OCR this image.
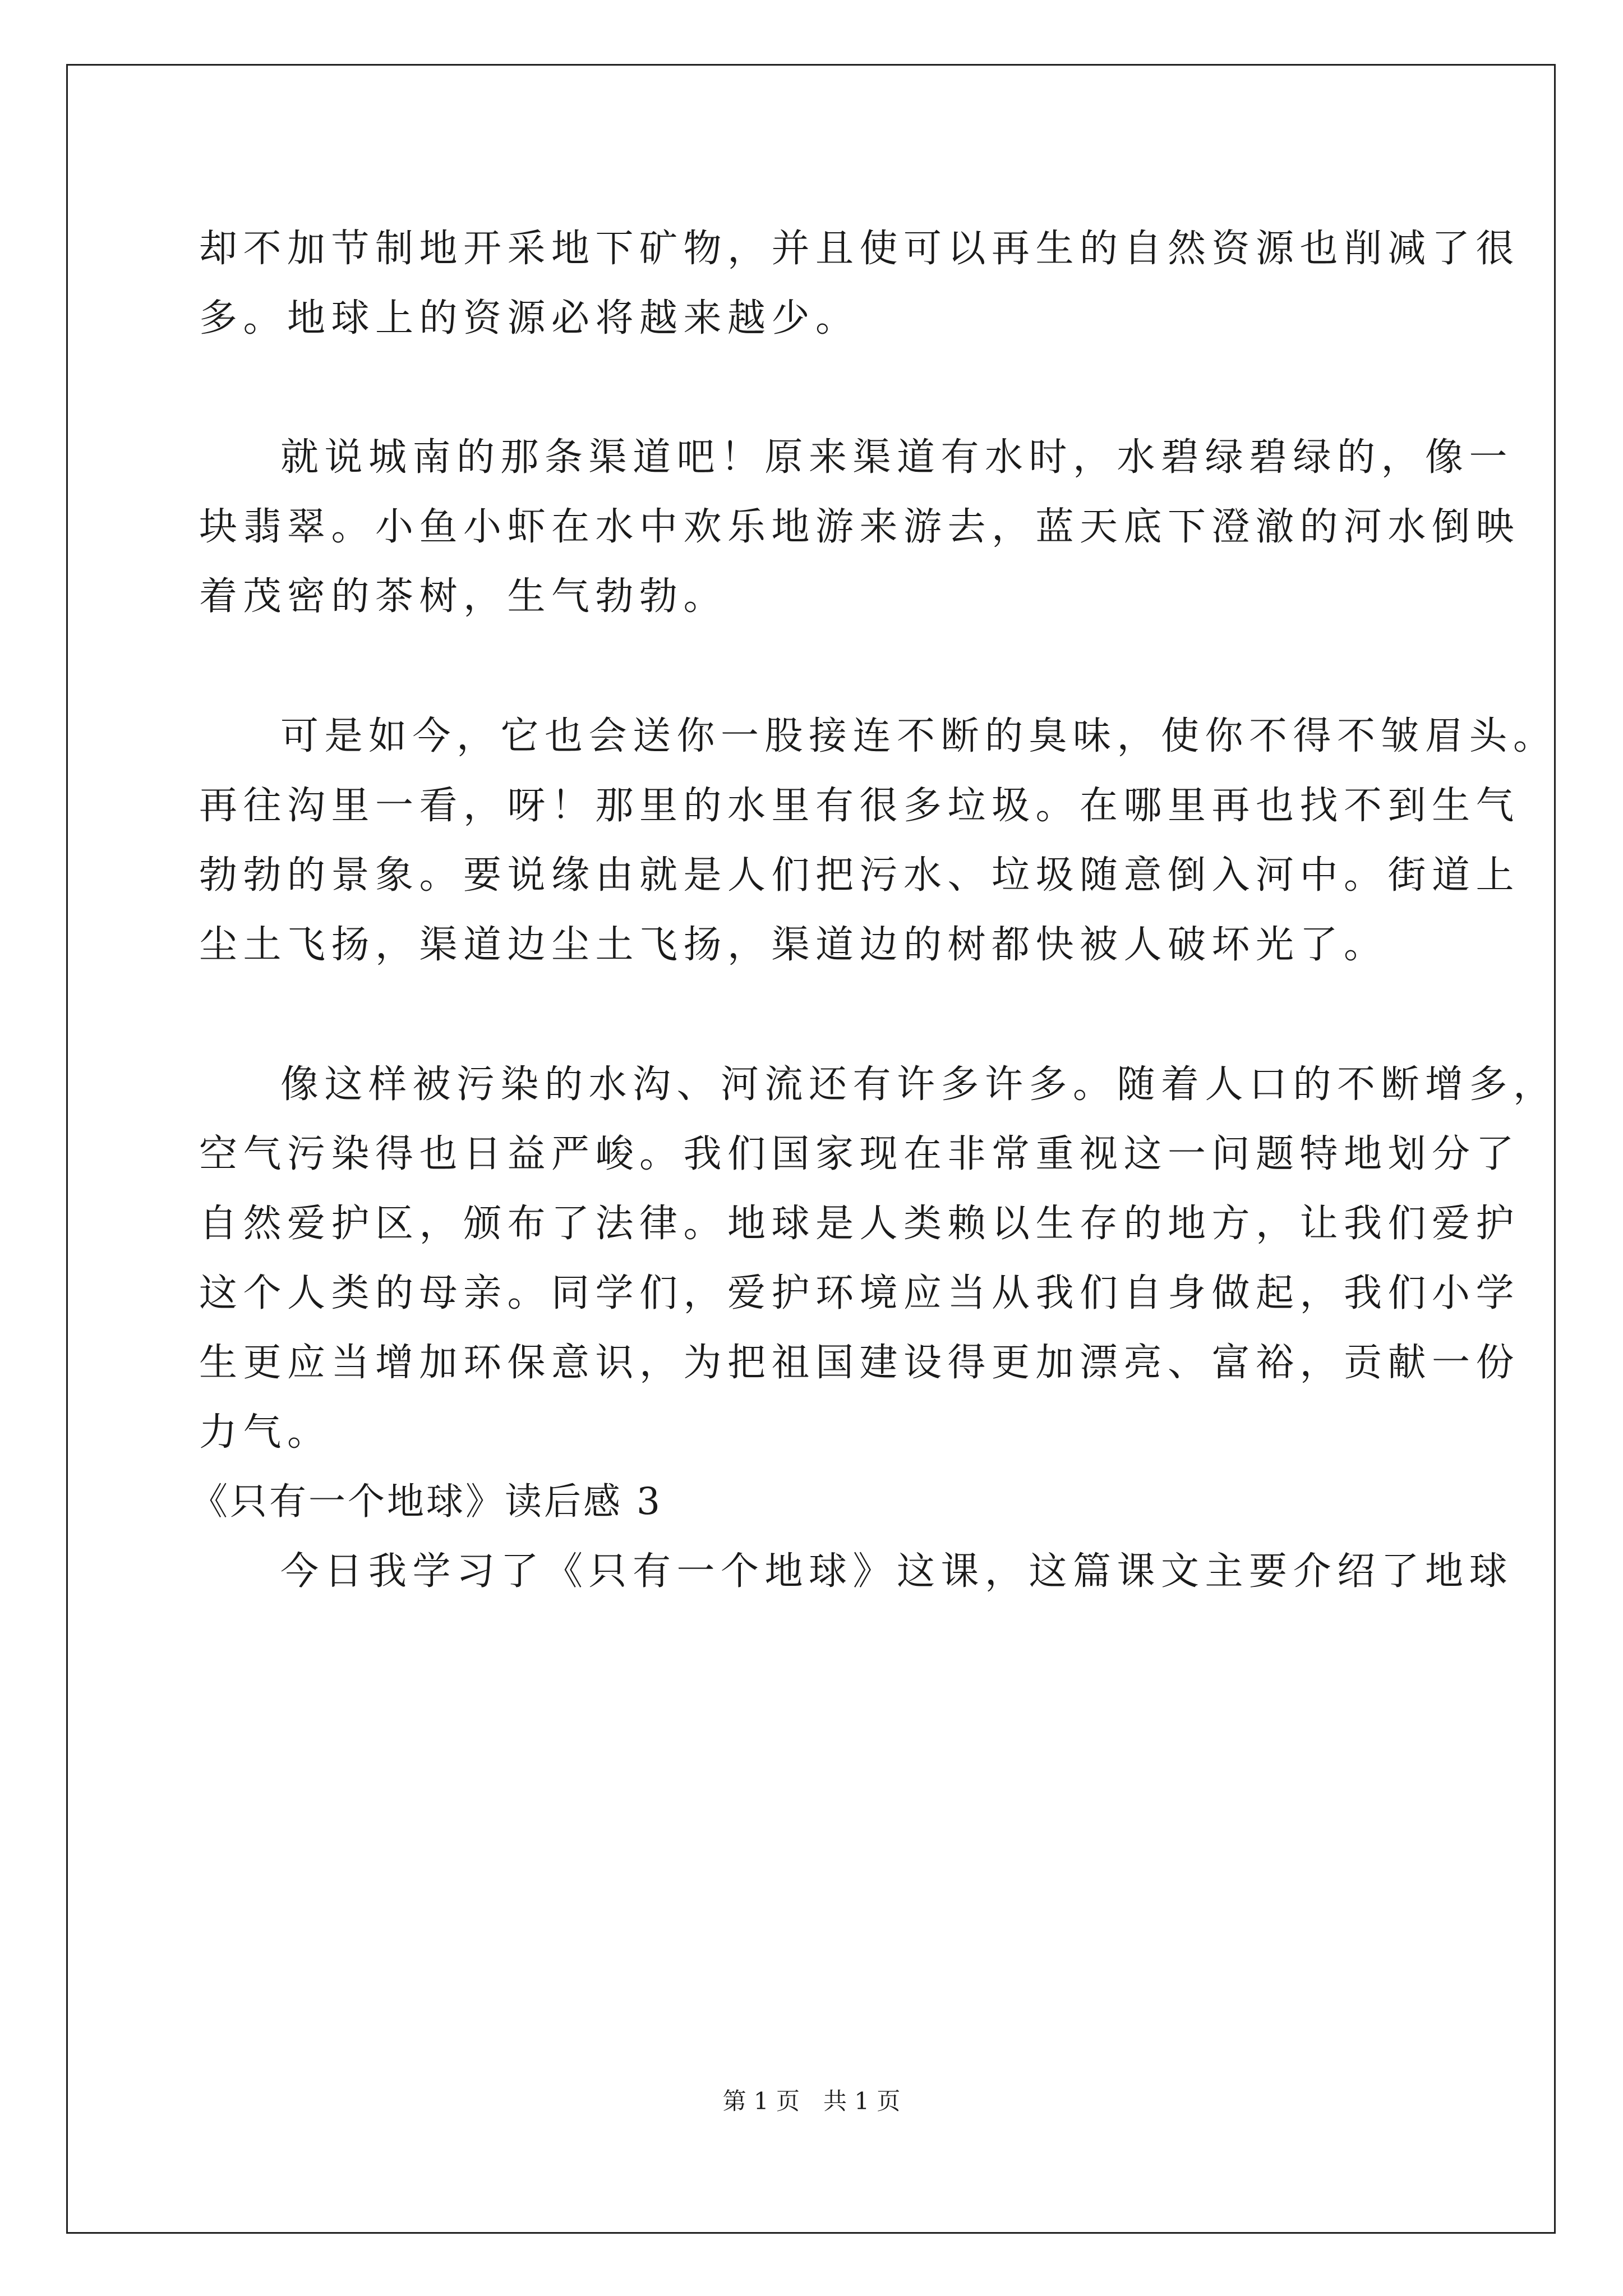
却不加节制地开采地下矿物，并且使可以再生的自然资源也削减了很
多。地球上的资源必将越来越少。
就说城南的那条渠道吧！原来渠道有水时，水碧绿碧绿的，像一
块翡翠。小鱼小虾在水中欢乐地游来游去，蓝天底下澄澈的河水倒映
着茂密的茶树，生气勃勃。
可是如今，它也会送你一股接连不断的臭味，使你不得不皱眉头。
再往沟里一看，呀！那里的水里有很多垃圾。在哪里再也找不到生气
勃勃的景象。要说缘由就是人们把污水、垃圾随意倒入河中。街道上
尘土飞扬，渠道边尘土飞扬，渠道边的树都快被人破坏光了。
像这样被污染的水沟、河流还有许多许多。随着人口的不断增多，
空气污染得也日益严峻。我们国家现在非常重视这一问题特地划分了
自然爱护区，颁布了法律。地球是人类赖以生存的地方，让我们爱护
这个人类的母亲。同学们，爱护环境应当从我们自身做起，我们小学
生更应当增加环保意识，为把祖国建设得更加漂亮、富裕，贡献一份
力气。
《只有一个地球》读后感 3
今日我学习了《只有一个地球》这课，这篇课文主要介绍了地球
第 1 页　共 1 页
